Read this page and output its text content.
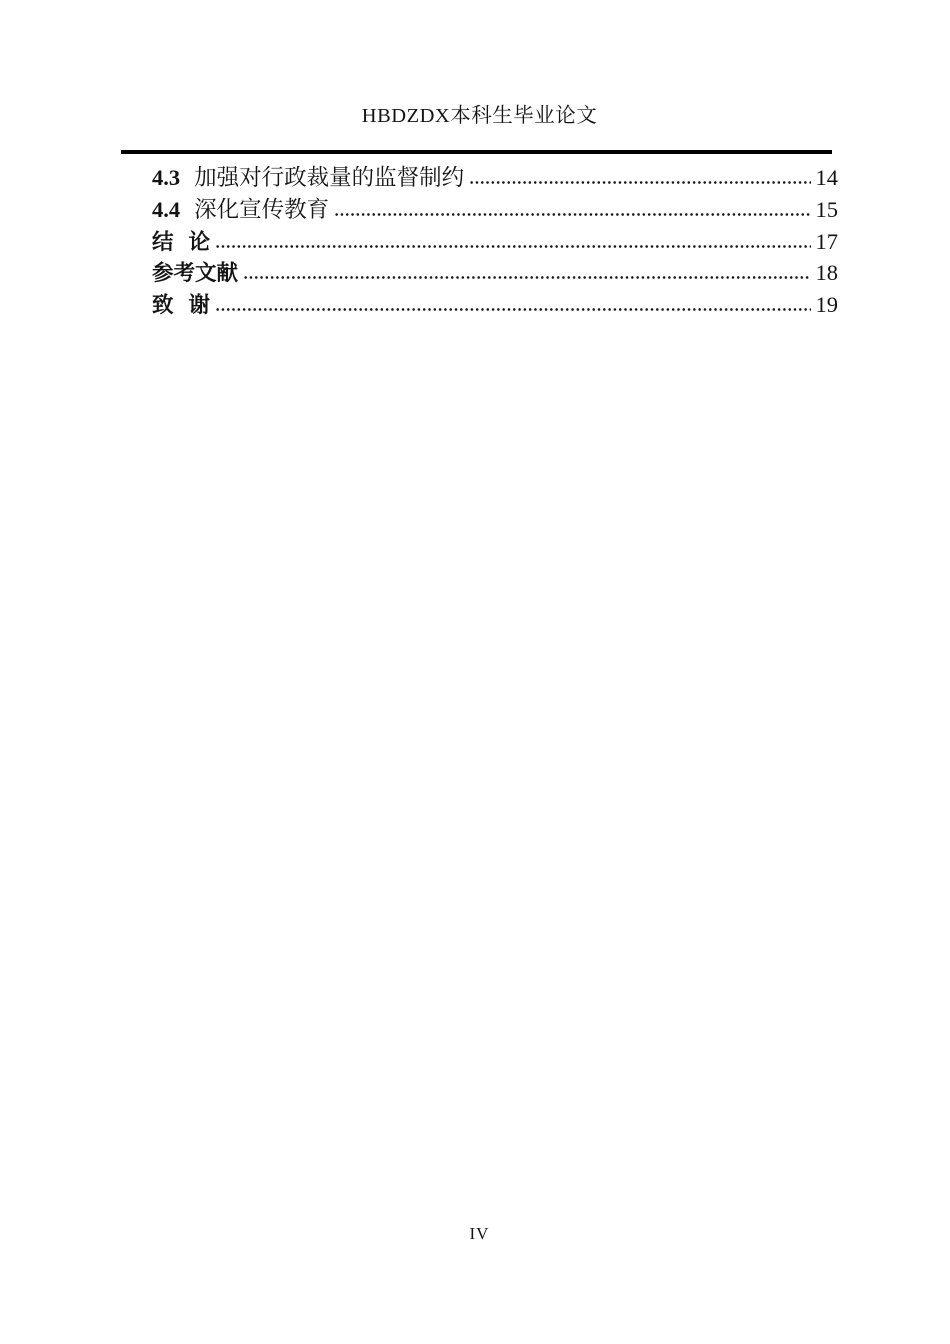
HBDZDX本科生毕业论文
4.3 加强对行政裁量的监督制约	14
4.4 深化宣传教育	15
结  论	17
参考文献	18
致  谢	19
IV
